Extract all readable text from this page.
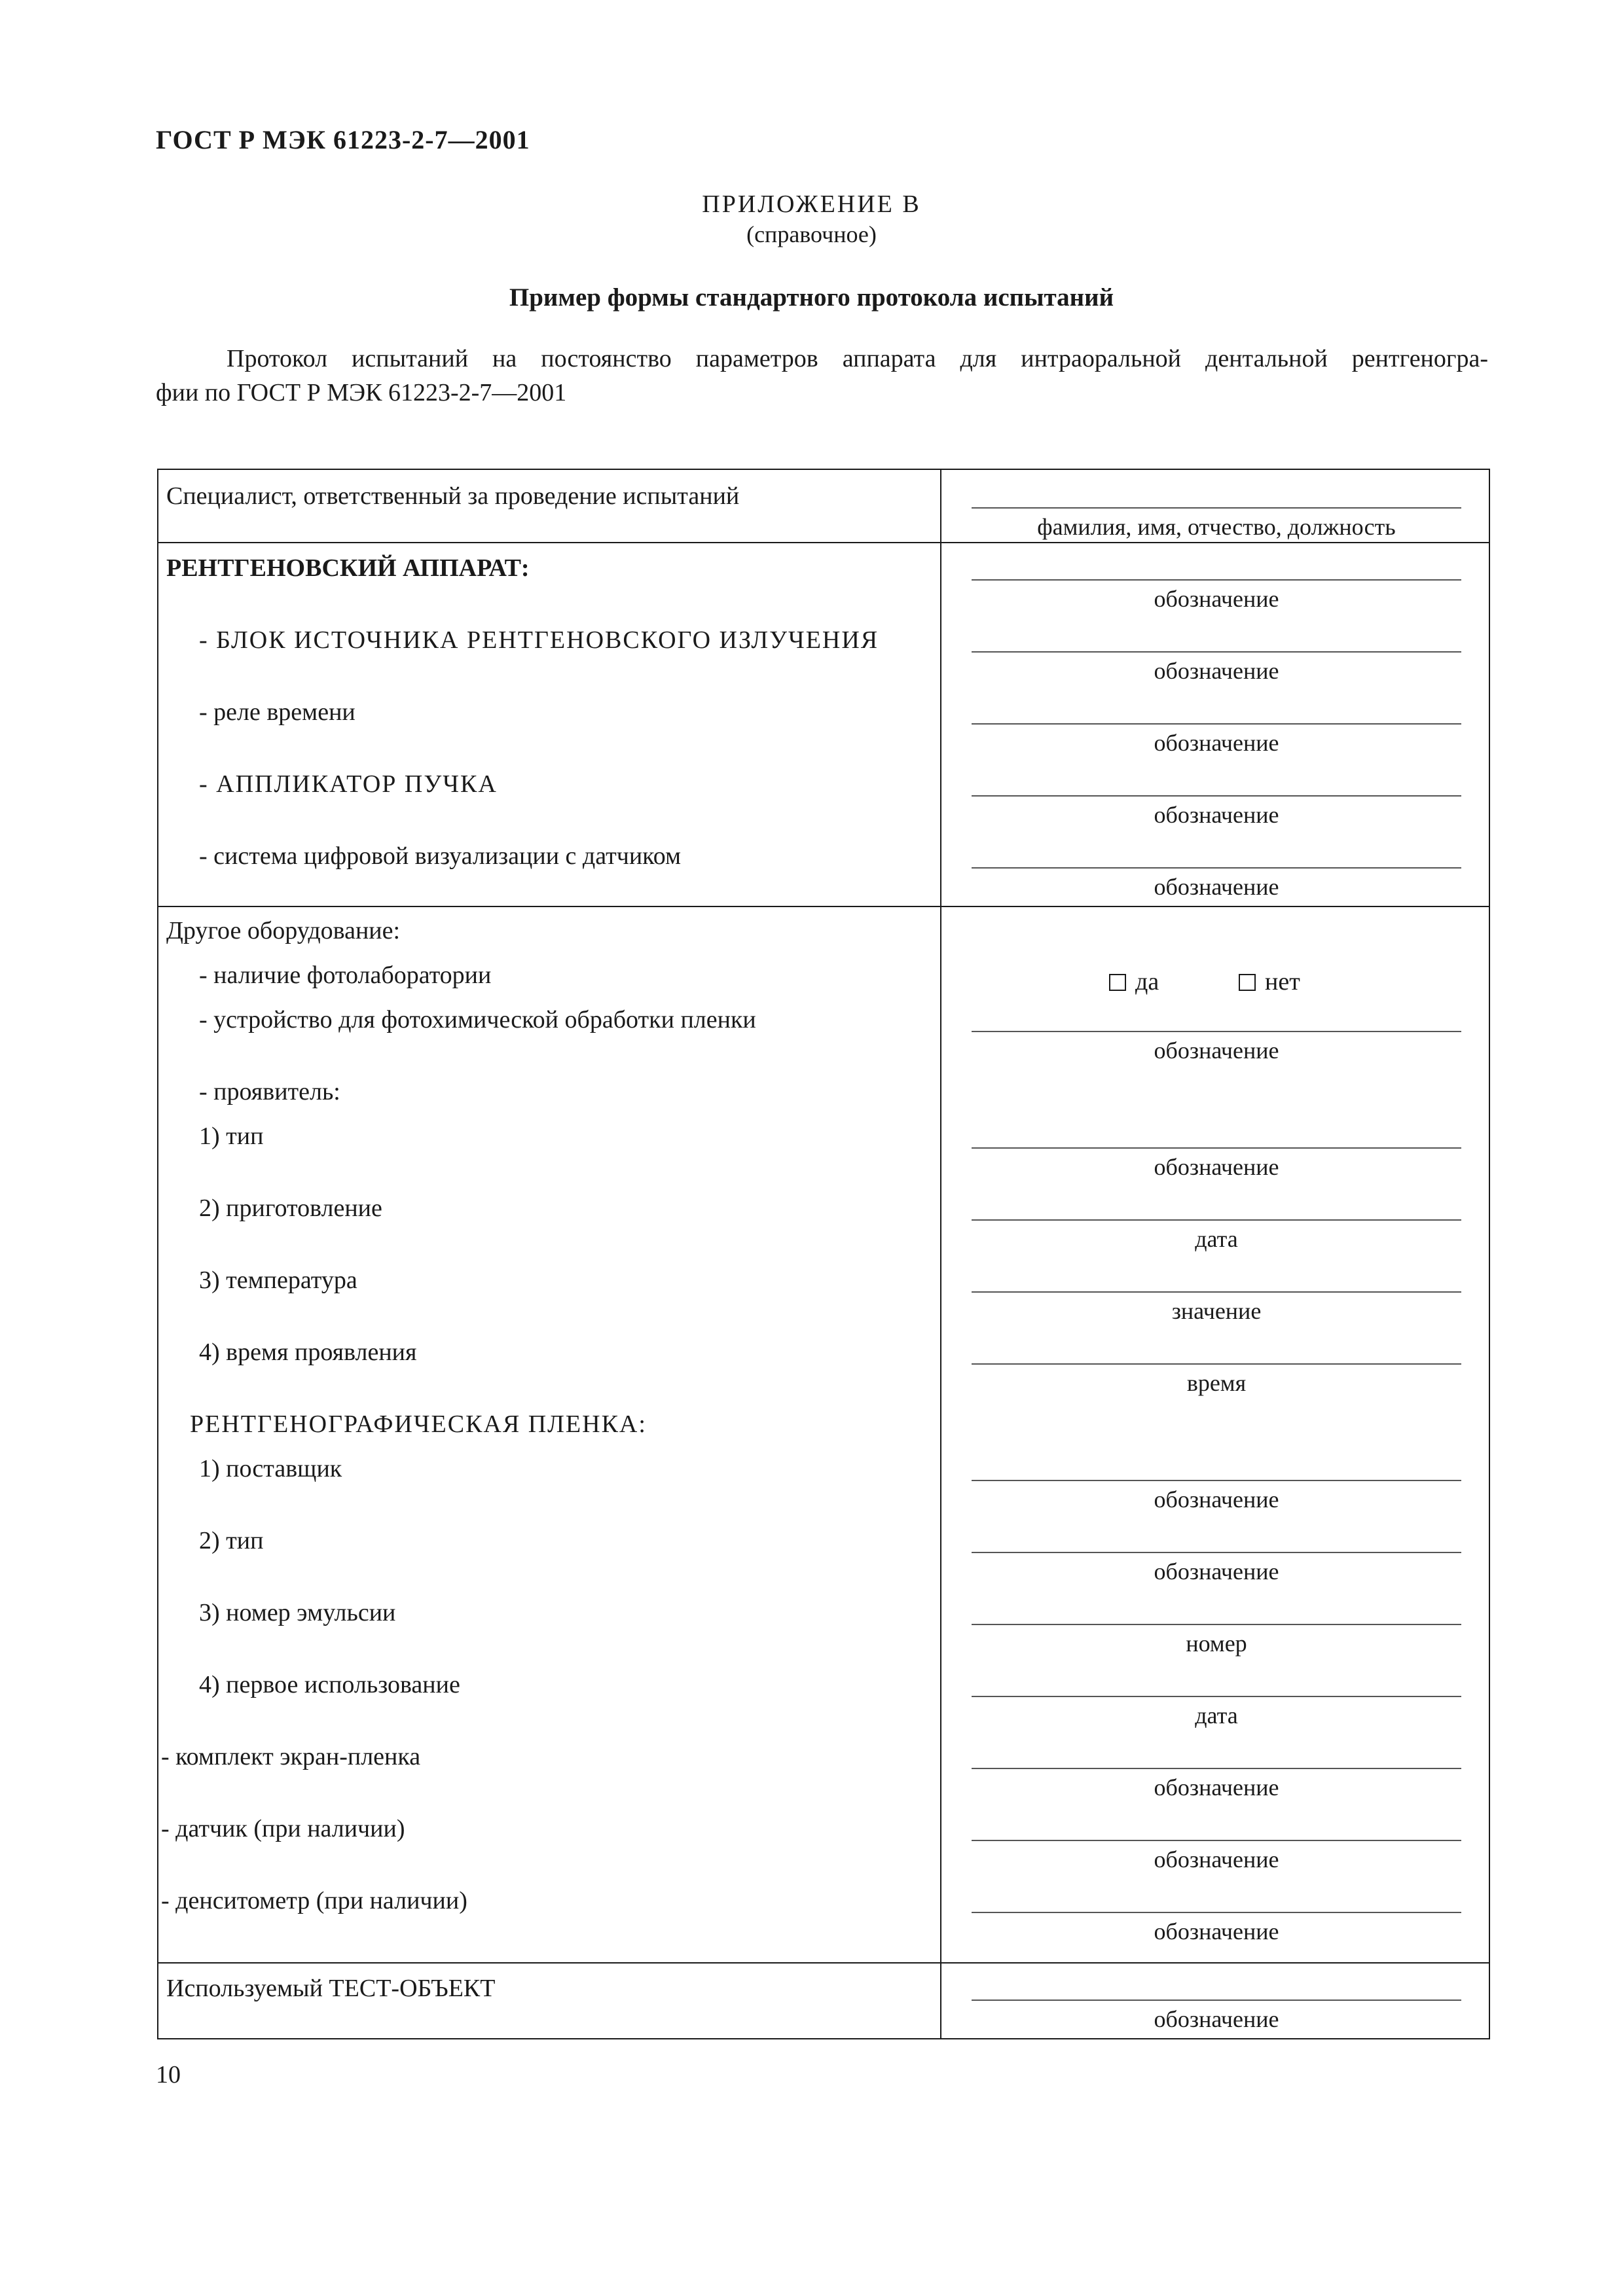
ГОСТ Р МЭК 61223-2-7—2001
ПРИЛОЖЕНИЕ В
(справочное)
Пример формы стандартного протокола испытаний
Протокол испытаний на постоянство параметров аппарата для интраоральной дентальной рентгеногра-
фии по ГОСТ Р МЭК 61223-2-7—2001
Специалист, ответственный за проведение испытаний
фамилия, имя, отчество, должность
РЕНТГЕНОВСКИЙ АППАРАТ:
обозначение
- БЛОК ИСТОЧНИКА РЕНТГЕНОВСКОГО ИЗЛУЧЕНИЯ
обозначение
- реле времени
обозначение
- АППЛИКАТОР ПУЧКА
обозначение
- система цифровой визуализации с датчиком
обозначение
Другое оборудование:
- наличие фотолаборатории	да	нет
- устройство для фотохимической обработки пленки
обозначение
- проявитель:
1) тип
обозначение
2) приготовление
дата
3) температура
значение
4) время проявления
время
РЕНТГЕНОГРАФИЧЕСКАЯ ПЛЕНКА:
1) поставщик
обозначение
2) тип
обозначение
3) номер эмульсии
номер
4) первое использование
дата
- комплект экран-пленка
обозначение
- датчик (при наличии)
обозначение
- денситометр (при наличии)
обозначение
Используемый ТЕСТ-ОБЪЕКТ
обозначение
10
